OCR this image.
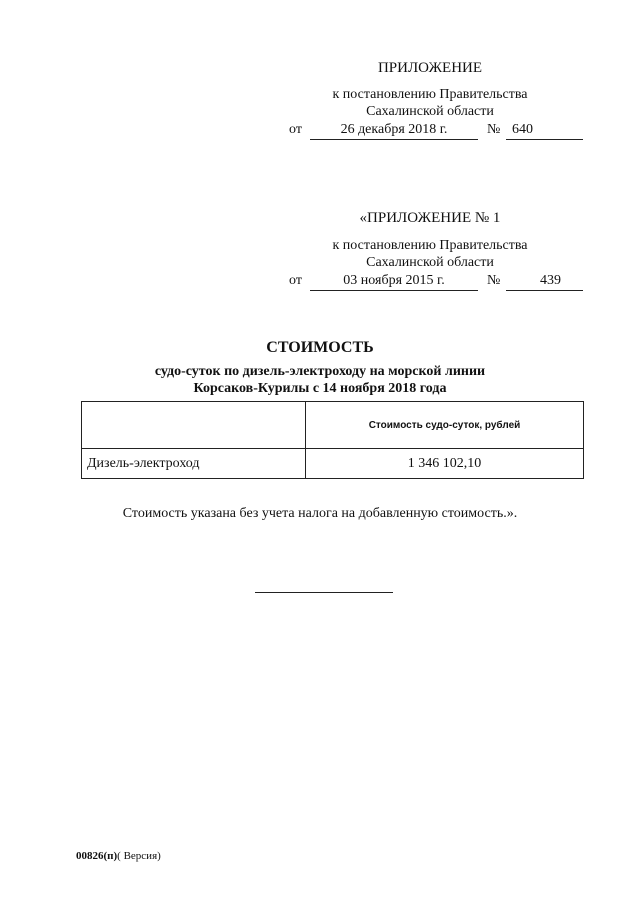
ПРИЛОЖЕНИЕ
к постановлению Правительства
Сахалинской области
от	26 декабря 2018 г.	№ 640
«ПРИЛОЖЕНИЕ № 1
к постановлению Правительства
Сахалинской области
от	03 ноября 2015 г.	№	439
СТОИМОСТЬ
судо-суток по дизель-электроходу на морской линии
Корсаков-Курилы с 14 ноября 2018 года
	Стоимость судо-суток, рублей
Дизель-электроход	1 346 102,10
Стоимость указана без учета налога на добавленную стоимость.».
00826(п)( Версия)
